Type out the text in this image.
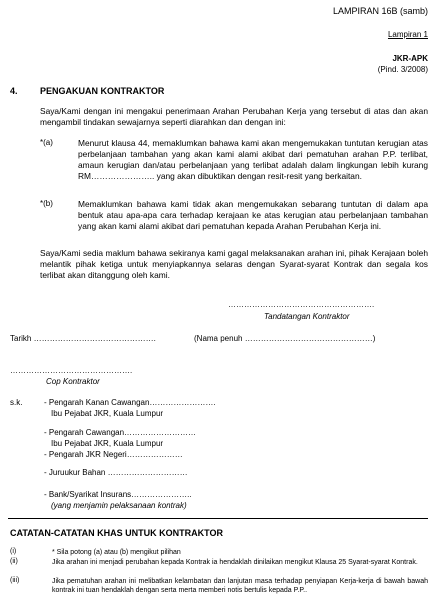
LAMPIRAN 16B (samb)
Lampiran 1
JKR-APK
(Pind. 3/2008)
4. PENGAKUAN KONTRAKTOR
Saya/Kami dengan ini mengakui penerimaan Arahan Perubahan Kerja yang tersebut di atas dan akan mengambil tindakan sewajarnya seperti diarahkan dan dengan ini:
*(a)	Menurut klausa 44, memaklumkan bahawa kami akan mengemukakan tuntutan kerugian atas perbelanjaan tambahan yang akan kami alami akibat dari pematuhan arahan P.P. terlibat, amaun kerugian dan/atau perbelanjaan yang terlibat adalah dalam lingkungan lebih kurang RM………………….. yang akan dibuktikan dengan resit-resit yang berkaitan.
*(b)	Memaklumkan bahawa kami tidak akan mengemukakan sebarang tuntutan di dalam apa bentuk atau apa-apa cara terhadap kerajaan ke atas kerugian atau perbelanjaan tambahan yang akan kami alami akibat dari pematuhan kepada Arahan Perubahan Kerja ini.
Saya/Kami sedia maklum bahawa sekiranya kami gagal melaksanakan arahan ini, pihak Kerajaan boleh melantik pihak ketiga untuk menyiapkannya selaras dengan Syarat-syarat Kontrak dan segala kos terlibat akan ditanggung oleh kami.
……………………………………………….
Tandatangan Kontraktor
Tarikh ……………………………………….	(Nama penuh …………………………………………)
……………………………………….
Cop Kontraktor
s.k.	- Pengarah Kanan Cawangan…………………….
Ibu Pejabat JKR, Kuala Lumpur
- Pengarah Cawangan………………………
Ibu Pejabat JKR, Kuala Lumpur
- Pengarah JKR Negeri…………………
- Juruukur Bahan …………………………
- Bank/Syarikat Insurans…………………..
(yang menjamin pelaksanaan kontrak)
CATATAN-CATATAN KHAS UNTUK KONTRAKTOR
(i)	* Sila potong (a) atau (b) mengikut pilihan
(ii)	Jika arahan ini menjadi perubahan kepada Kontrak ia hendaklah dinilaikan mengikut Klausa 25 Syarat-syarat Kontrak.
(iii)	Jika pematuhan arahan ini melibatkan kelambatan dan lanjutan masa terhadap penyiapan Kerja-kerja di bawah bawah kontrak ini tuan hendaklah dengan serta merta memberi notis bertulis kepada P.P..
